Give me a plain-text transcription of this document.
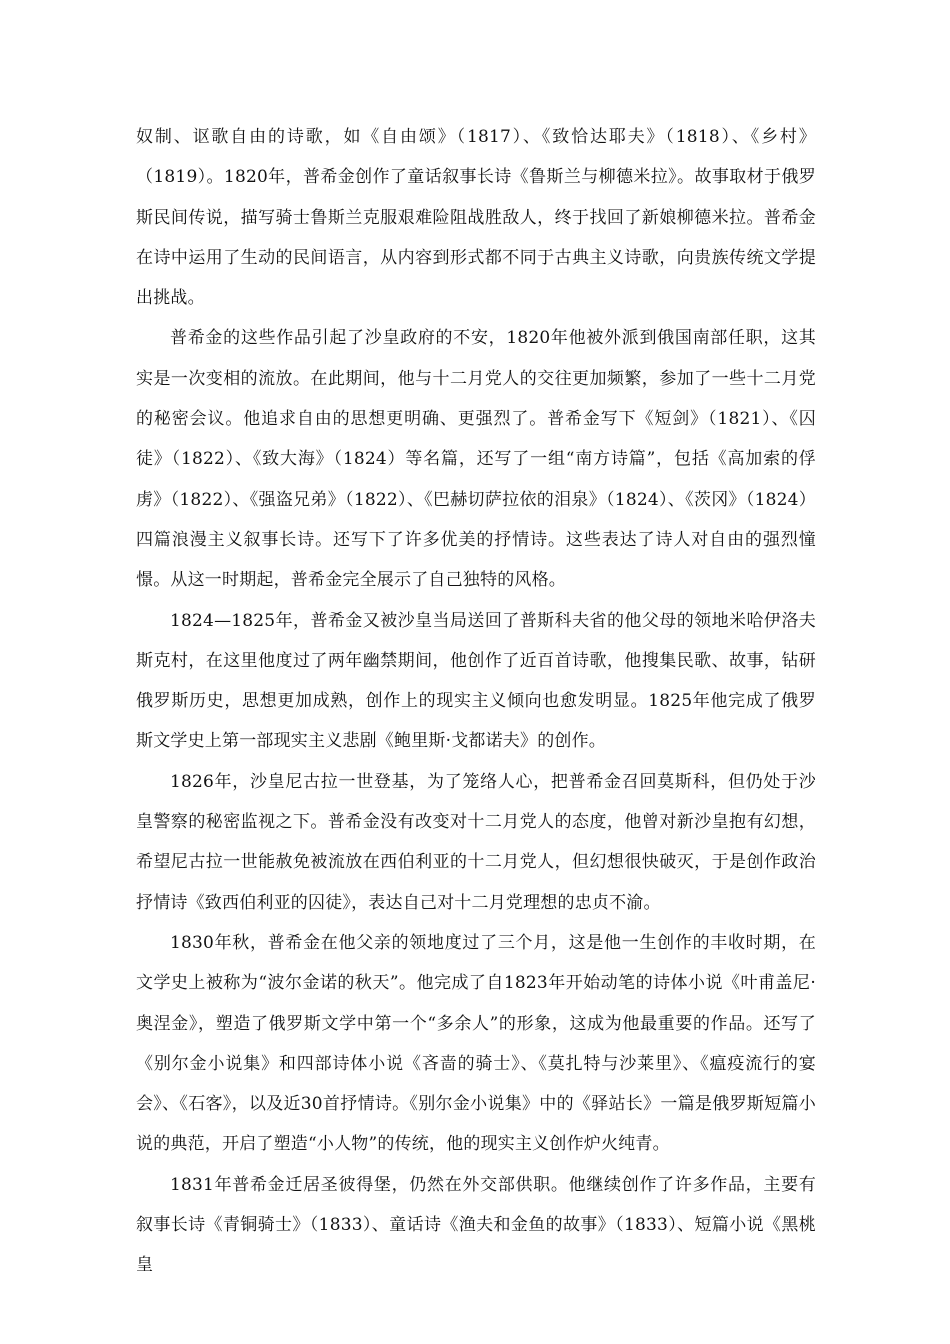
奴制、讴歌自由的诗歌，如《自由颂》（1817）、《致恰达耶夫》（1818）、《乡村》（1819）。1820年，普希金创作了童话叙事长诗《鲁斯兰与柳德米拉》。故事取材于俄罗斯民间传说，描写骑士鲁斯兰克服艰难险阻战胜敌人，终于找回了新娘柳德米拉。普希金在诗中运用了生动的民间语言，从内容到形式都不同于古典主义诗歌，向贵族传统文学提出挑战。

普希金的这些作品引起了沙皇政府的不安，1820年他被外派到俄国南部任职，这其实是一次变相的流放。在此期间，他与十二月党人的交往更加频繁，参加了一些十二月党的秘密会议。他追求自由的思想更明确、更强烈了。普希金写下《短剑》（1821）、《囚徒》（1822）、《致大海》（1824）等名篇，还写了一组“南方诗篇”，包括《高加索的俘虏》（1822）、《强盗兄弟》（1822）、《巴赫切萨拉依的泪泉》（1824）、《茨冈》（1824）四篇浪漫主义叙事长诗。还写下了许多优美的抒情诗。这些表达了诗人对自由的强烈憧憬。从这一时期起，普希金完全展示了自己独特的风格。

1824—1825年，普希金又被沙皇当局送回了普斯科夫省的他父母的领地米哈伊洛夫斯克村，在这里他度过了两年幽禁期间，他创作了近百首诗歌，他搜集民歌、故事，钻研俄罗斯历史，思想更加成熟，创作上的现实主义倾向也愈发明显。1825年他完成了俄罗斯文学史上第一部现实主义悲剧《鲍里斯·戈都诺夫》的创作。

1826年，沙皇尼古拉一世登基，为了笼络人心，把普希金召回莫斯科，但仍处于沙皇警察的秘密监视之下。普希金没有改变对十二月党人的态度，他曾对新沙皇抱有幻想，希望尼古拉一世能赦免被流放在西伯利亚的十二月党人，但幻想很快破灭，于是创作政治抒情诗《致西伯利亚的囚徒》，表达自己对十二月党理想的忠贞不渝。

1830年秋，普希金在他父亲的领地度过了三个月，这是他一生创作的丰收时期，在文学史上被称为“波尔金诺的秋天”。他完成了自1823年开始动笔的诗体小说《叶甫盖尼·奥涅金》，塑造了俄罗斯文学中第一个“多余人”的形象，这成为他最重要的作品。还写了《别尔金小说集》和四部诗体小说《吝啬的骑士》、《莫扎特与沙莱里》、《瘟疫流行的宴会》、《石客》，以及近30首抒情诗。《别尔金小说集》中的《驿站长》一篇是俄罗斯短篇小说的典范，开启了塑造“小人物”的传统，他的现实主义创作炉火纯青。

1831年普希金迁居圣彼得堡，仍然在外交部供职。他继续创作了许多作品，主要有叙事长诗《青铜骑士》（1833）、童话诗《渔夫和金鱼的故事》（1833）、短篇小说《黑桃皇
